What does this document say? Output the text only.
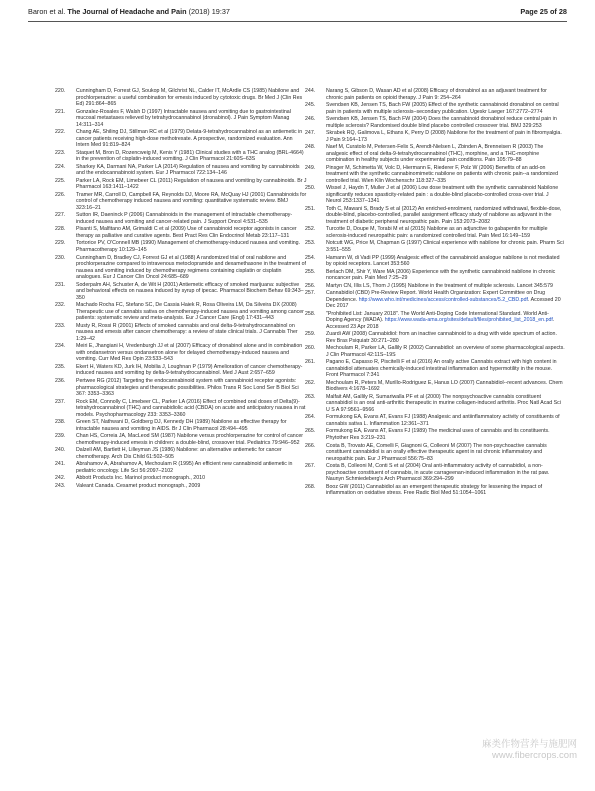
Baron et al. The Journal of Headache and Pain (2018) 19:37	Page 25 of 28
220. Cunningham D, Forrest GJ, Soukop M, Gilchrist NL, Calder IT, McArdle CS (1985) Nabilone and prochlorperazine: a useful combination for emesis induced by cytotoxic drugs. Br Med J (Clin Res Ed) 291:864–865
221. Gonzalez-Rosales F, Walsh D (1997) Intractable nausea and vomiting due to gastrointestinal mucosal metastases relieved by tetrahydrocannabinol (dronabinol). J Pain Symptom Manag 14:311–314
222. Chang AE, Shiling DJ, Stillman RC et al (1979) Delata-9-tetrahydrocannabinol as an antiemetic in cancer patients receiving high-dose methotrexate. A prospective, randomized evaluation. Ann Intern Med 91:819–824
223. Staquet M, Bron D, Rozencweig M, Kenis Y (1981) Clinical studies with a THC analog (BRL-4664) in the prevention of cisplatin-induced vomiting. J Clin Pharmacol 21:60S–63S
224. Sharkey KA, Darmani NA, Parker LA (2014) Regulation of nausea and vomiting by cannabinoids and the endocannabinoid system. Eur J Pharmacol 722:134–146
225. Parker LA, Rock EM, Limebeer CL (2011) Regulation of nausea and vomiting by cannabinoids. Br J Pharmacol 163:1411–1422
226. Tramer MR, Carroll D, Campbell FA, Reynolds DJ, Moore RA, McQuay HJ (2001) Cannabinoids for control of chemotherapy induced nausea and vomiting: quantitative systematic review. BMJ 323:16–21
227. Sutton IR, Daeninck P (2006) Cannabinoids in the management of intractable chemotherapy-induced nausea and vomiting and cancer-related pain. J Support Oncol 4:531–535
228. Pisanti S, Malfitano AM, Grimaldi C et al (2009) Use of cannabinoid receptor agonists in cancer therapy as palliative and curative agents. Best Pract Res Clin Endocrinol Metab 23:117–131
229. Tortorice PV, O'Connell MB (1990) Management of chemotherapy-induced nausea and vomiting. Pharmacotherapy 10:129–145
230. Cunningham D, Bradley CJ, Forrest GJ et al (1988) A randomized trial of oral nabilone and prochlorperazine compared to intravenous metoclopramide and dexamethasone in the treatment of nausea and vomiting induced by chemotherapy regimens containing cisplatin or cisplatin analogues. Eur J Cancer Clin Oncol 24:685–689
231. Soderpalm AH, Schuster A, de Wit H (2001) Antiemetic efficacy of smoked marijuana: subjective and behavioral effects on nausea induced by syrup of ipecac. Pharmacol Biochem Behav 69:343–350
232. Machado Rocha FC, Stefano SC, De Cassia Haiek R, Rosa Oliveira LM, Da Silveira DX (2008) Therapeutic use of cannabis sativa on chemotherapy-induced nausea and vomiting among cancer patients: systematic review and meta-analysis. Eur J Cancer Care (Engl) 17:431–443
233. Musty R, Rossi R (2001) Effects of smoked cannabis and oral delta-9-tetrahydrocannabinol on nausea and emesis after cancer chemotherapy: a review of state clinical trials. J Cannabis Ther 1:29–42
234. Meiri E, Jhangiani H, Vredenburgh JJ et al (2007) Efficacy of dronabinol alone and in combination with ondansetron versus ondansetron alone for delayed chemotherapy-induced nausea and vomiting. Curr Med Res Opin 23:533–543
235. Ekert H, Waters KD, Jurk IH, Mobilia J, Loughnan P (1979) Amelioration of cancer chemotherapy-induced nausea and vomiting by delta-9-tetrahydrocannabinol. Med J Aust 2:657–659
236. Pertwee RG (2012) Targeting the endocannabinoid system with cannabinoid receptor agonists: pharmacological strategies and therapeutic possibilities. Philos Trans R Soc Lond Ser B Biol Sci 367: 3353–3363
237. Rock EM, Connolly C, Limebeer CL, Parker LA (2016) Effect of combined oral doses of Delta(9)-tetrahydrocannabinol (THC) and cannabidiolic acid (CBDA) on acute and anticipatory nausea in rat models. Psychopharmacology 233: 3353–3360
238. Green ST, Nathwani D, Goldberg DJ, Kennedy DH (1989) Nabilone as effective therapy for intractable nausea and vomiting in AIDS. Br J Clin Pharmacol 28:494–495
239. Chan HS, Correia JA, MacLeod SM (1987) Nabilone versus prochlorperazine for control of cancer chemotherapy-induced emesis in children: a double-blind, crossover trial. Pediatrics 79:946–952
240. Dalzell AM, Bartlett H, Lilleyman JS (1986) Nabilone: an alternative antiemetic for cancer chemotherapy. Arch Dis Child 61:502–505
241. Abrahamov A, Abrahamov A, Mechoulam R (1995) An efficient new cannabinoid antiemetic in pediatric oncology. Life Sci 56:2097–2102
242. Abbott Products Inc. Marinol product monograph., 2010
243. Valeant Canada. Cesamet product monograph., 2009
244. Narang S, Gibson D, Wasan AD et al (2008) Efficacy of dronabinol as an adjuvant treatment for chronic pain patients on opioid therapy. J Pain 9: 254–264
245. Svendsen KB, Jensen TS, Bach FW (2005) Effect of the synthetic cannabinoid dronabinol on central pain in patients with multiple sclerosis–secondary publication. Ugeskr Laeger 167:2772–2774
246. Svendsen KB, Jensen TS, Bach FW (2004) Does the cannabinoid dronabinol reduce central pain in multiple sclerosis? Randomised double blind placebo controlled crossover trial. BMJ 329:253
247. Skrabek RQ, Galimova L, Ethans K, Perry D (2008) Nabilone for the treatment of pain in fibromyalgia. J Pain 9:164–173
248. Naef M, Curatolo M, Petersen-Felix S, Arendt-Nielsen L, Zbinden A, Brenneisen R (2003) The analgesic effect of oral delta-9-tetrahydrocannabinol (THC), morphine, and a THC-morphine combination in healthy subjects under experimental pain conditions. Pain 105:79–88
249. Pinsger M, Schimetta W, Volc D, Hiermann E, Riederer F, Polz W (2006) Benefits of an add-on treatment with the synthetic cannabinomimetic nabilone on patients with chronic pain--a randomized controlled trial. Wien Klin Wochenschr 118:327–335
250. Wissel J, Haydn T, Muller J et al (2006) Low dose treatment with the synthetic cannabinoid Nabilone significantly reduces spasticity-related pain : a double-blind placebo-controlled cross-over trial. J Neurol 253:1337–1341
251. Toth C, Mawani S, Brady S et al (2012) An enriched-enrolment, randomized withdrawal, flexible-dose, double-blind, placebo-controlled, parallel assignment efficacy study of nabilone as adjuvant in the treatment of diabetic peripheral neuropathic pain. Pain 153:2073–2082
252. Turcotte D, Doupe M, Torabi M et al (2015) Nabilone as an adjunctive to gabapentin for multiple sclerosis-induced neuropathic pain: a randomized controlled trial. Pain Med 16:149–159
253. Notcutt WG, Price M, Chapman G (1997) Clinical experience with nabilone for chronic pain. Pharm Sci 3:551–555
254. Hamann W, di Vadi PP (1999) Analgesic effect of the cannabinoid analogue nabilone is not mediated by opioid receptors. Lancet 353:560
255. Berlach DM, Shir Y, Ware MA (2006) Experience with the synthetic cannabinoid nabilone in chronic noncancer pain. Pain Med 7:25–29
256. Martyn CN, Illis LS, Thom J (1995) Nabilone in the treatment of multiple sclerosis. Lancet 345:579
257. Cannabidiol (CBD) Pre-Review Report. World Health Organization: Expert Committee on Drug Dependence. http://www.who.int/medicines/access/controlled-substances/5.2_CBD.pdf. Accessed 20 Dec 2017
258. "Prohibited List: January 2018". The World Anti-Doping Code International Standard. World Anti-Doping Agency (WADA). https://www.wada-ama.org/sites/default/files/prohibited_list_2018_en.pdf. Accessed 23 Apr 2018
259. Zuardi AW (2008) Cannabidiol: from an inactive cannabinoid to a drug with wide spectrum of action. Rev Bras Psiquiatr 30:271–280
260. Mechoulam R, Parker LA, Gallily R (2002) Cannabidiol: an overview of some pharmacological aspects. J Clin Pharmacol 42:11S–19S
261. Pagano E, Capasso R, Piscitelli F et al (2016) An orally active Cannabis extract with high content in cannabidiol attenuates chemically-induced intestinal inflammation and hypermotility in the mouse. Front Pharmacol 7:341
262. Mechoulam R, Peters M, Murillo-Rodriguez E, Hanus LO (2007) Cannabidiol--recent advances. Chem Biodivers 4:1678–1692
263. Malfait AM, Gallily R, Sumariwalla PF et al (2000) The nonpsychoactive cannabis constituent cannabidiol is an oral anti-arthritic therapeutic in murine collagen-induced arthritis. Proc Natl Acad Sci U S A 97:9561–9566
264. Formukong EA, Evans AT, Evans FJ (1988) Analgesic and antiinflammatory activity of constituents of cannabis sativa L. Inflammation 12:361–371
265. Formukong EA, Evans AT, Evans FJ (1989) The medicinal uses of cannabis and its constituents. Phytother Res 3:219–231
266. Costa B, Trovato AE, Comelli F, Giagnoni G, Colleoni M (2007) The non-psychoactive cannabis constituent cannabidiol is an orally effective therapeutic agent in rat chronic inflammatory and neuropathic pain. Eur J Pharmacol 556:75–83
267. Costa B, Colleoni M, Conti S et al (2004) Oral anti-inflammatory activity of cannabidiol, a non-psychoactive constituent of cannabis, in acute carrageenan-induced inflammation in the rat paw. Naunyn Schmiedeberg's Arch Pharmacol 369:294–299
268. Booz GW (2011) Cannabidiol as an emergent therapeutic strategy for lessening the impact of inflammation on oxidative stress. Free Radic Biol Med 51:1054–1061
麻类作物营养与施肥网
www.fibercrops.com
